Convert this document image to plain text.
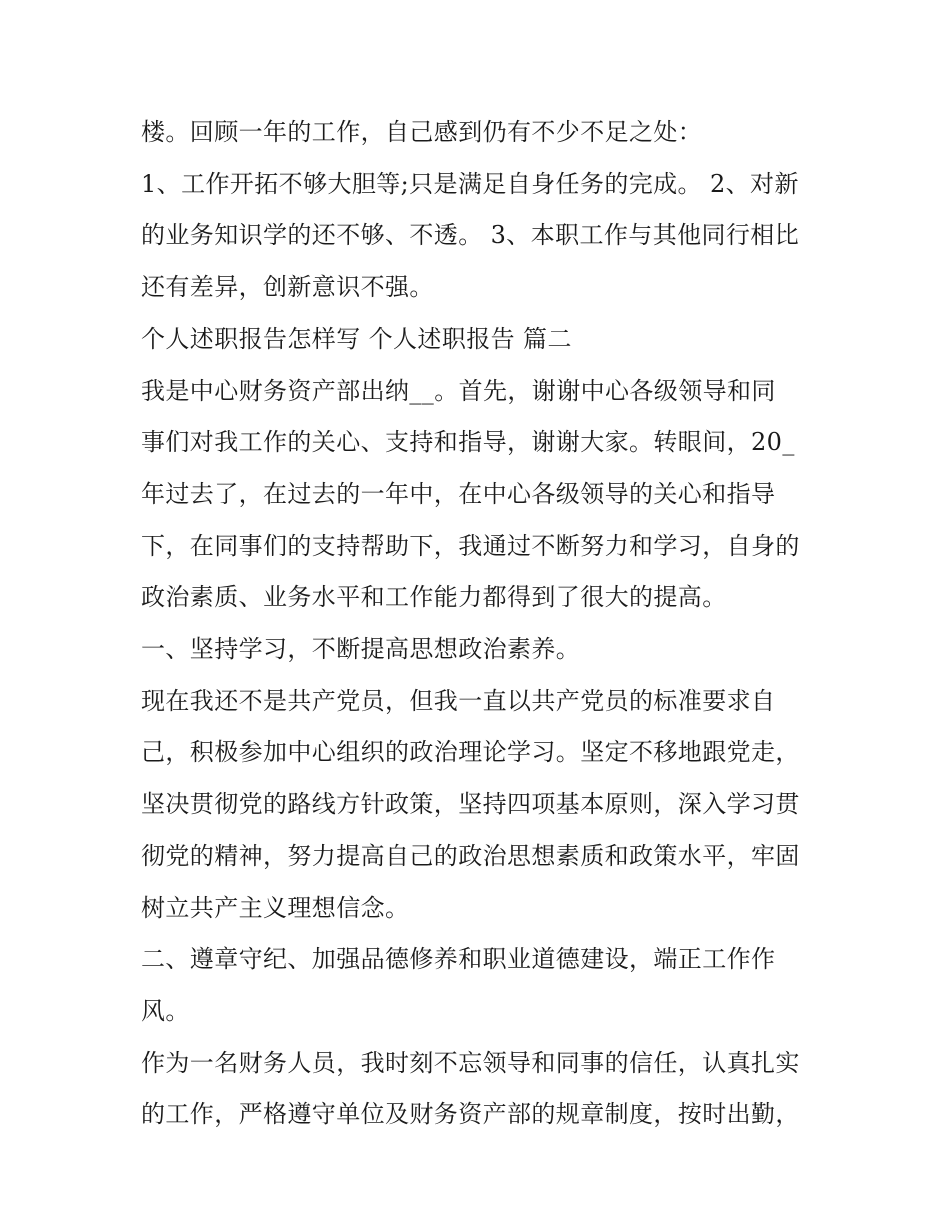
楼。回顾一年的工作，自己感到仍有不少不足之处：
1、工作开拓不够大胆等;只是满足自身任务的完成。 2、对新
的业务知识学的还不够、不透。 3、本职工作与其他同行相比
还有差异，创新意识不强。
个人述职报告怎样写 个人述职报告 篇二
我是中心财务资产部出纳__。首先，谢谢中心各级领导和同
事们对我工作的关心、支持和指导，谢谢大家。转眼间，20_
年过去了，在过去的一年中，在中心各级领导的关心和指导
下，在同事们的支持帮助下，我通过不断努力和学习，自身的
政治素质、业务水平和工作能力都得到了很大的提高。
一、坚持学习，不断提高思想政治素养。
现在我还不是共产党员，但我一直以共产党员的标准要求自
己，积极参加中心组织的政治理论学习。坚定不移地跟党走，
坚决贯彻党的路线方针政策，坚持四项基本原则，深入学习贯
彻党的精神，努力提高自己的政治思想素质和政策水平，牢固
树立共产主义理想信念。
二、遵章守纪、加强品德修养和职业道德建设，端正工作作
风。
作为一名财务人员，我时刻不忘领导和同事的信任，认真扎实
的工作，严格遵守单位及财务资产部的规章制度，按时出勤，
